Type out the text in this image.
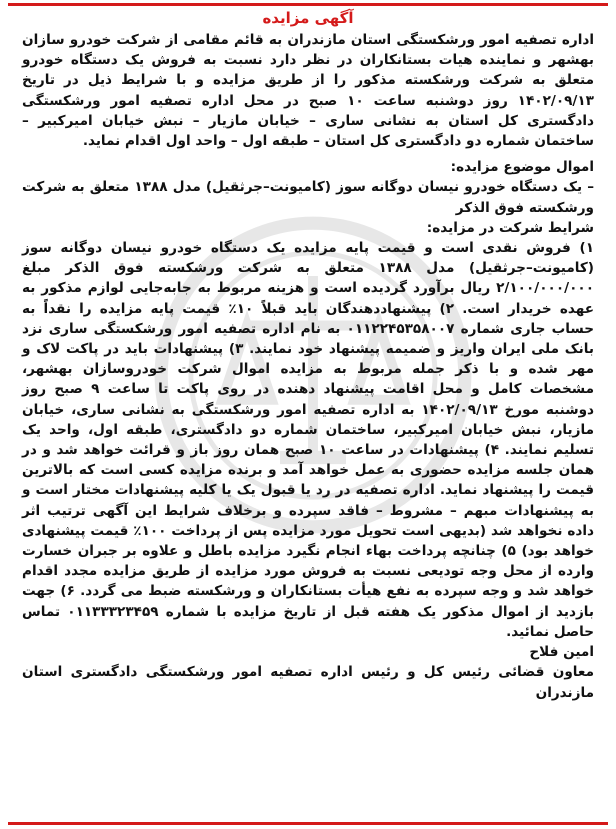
آگهی مزایده

اداره تصفیه امور ورشکستگی استان مازندران به قائم مقامی از شرکت خودرو سازان بهشهر و نماینده هیات بستانکاران در نظر دارد نسبت به فروش یک دستگاه خودرو متعلق به شرکت ورشکسته مذکور را از طریق مزایده و با شرایط ذیل در تاریخ ۱۴۰۲/۰۹/۱۳ روز دوشنبه ساعت ۱۰ صبح در محل اداره تصفیه امور ورشکستگی دادگستری کل استان به نشانی ساری – خیابان مازیار – نبش خیابان امیرکبیر – ساختمان شماره دو دادگستری کل استان – طبقه اول – واحد اول اقدام نماید.

اموال موضوع مزایده:

– یک دستگاه خودرو نیسان دوگانه سوز (کامیونت–جرثقیل) مدل ۱۳۸۸ متعلق به شرکت ورشکسته فوق الذکر

شرایط شرکت در مزایده:

۱) فروش نقدی است و قیمت پایه مزایده یک دستگاه خودرو نیسان دوگانه سوز (کامیونت–جرثقیل) مدل ۱۳۸۸ متعلق به شرکت ورشکسته فوق الذکر مبلغ ۲/۱۰۰/۰۰۰/۰۰۰ ریال برآورد گردیده است و هزینه مربوط به جابه‌جایی لوازم مذکور به عهده خریدار است. ۲) پیشنهاددهندگان باید قبلاً ۱۰٪ قیمت پایه مزایده را نقداً به حساب جاری شماره ۰۱۱۲۲۴۵۳۵۸۰۰۷ به نام اداره تصفیه امور ورشکستگی ساری نزد بانک ملی ایران واریز و ضمیمه پیشنهاد خود نمایند. ۳) پیشنهادات باید در پاکت لاک و مهر شده و با ذکر جمله مربوط به مزایده اموال شرکت خودروسازان بهشهر، مشخصات کامل و محل اقامت پیشنهاد دهنده در روی پاکت تا ساعت ۹ صبح روز دوشنبه مورخ ۱۴۰۲/۰۹/۱۳ به اداره تصفیه امور ورشکستگی به نشانی ساری، خیابان مازیار، نبش خیابان امیرکبیر، ساختمان شماره دو دادگستری، طبقه اول، واحد یک تسلیم نمایند. ۴) پیشنهادات در ساعت ۱۰ صبح همان روز باز و قرائت خواهد شد و در همان جلسه مزایده حضوری به عمل خواهد آمد و برنده مزایده کسی است که بالاترین قیمت را پیشنهاد نماید. اداره تصفیه در رد یا قبول یک یا کلیه پیشنهادات مختار است و به پیشنهادات مبهم – مشروط – فاقد سپرده و برخلاف شرایط این آگهی ترتیب اثر داده نخواهد شد (بدیهی است تحویل مورد مزایده پس از پرداخت ۱۰۰٪ قیمت پیشنهادی خواهد بود) ۵) چنانچه پرداخت بهاء انجام نگیرد مزایده باطل و علاوه بر جبران خسارت وارده از محل وجه تودیعی نسبت به فروش مورد مزایده از طریق مزایده مجدد اقدام خواهد شد و وجه سپرده به نفع هیأت بستانکاران و ورشکسته ضبط می گردد. ۶) جهت بازدید از اموال مذکور یک هفته قبل از تاریخ مزایده با شماره ۰۱۱۳۳۳۲۳۴۵۹ تماس حاصل نمائید.

امین فلاح

معاون قضائی رئیس کل و رئیس اداره تصفیه امور ورشکستگی دادگستری استان مازندران
